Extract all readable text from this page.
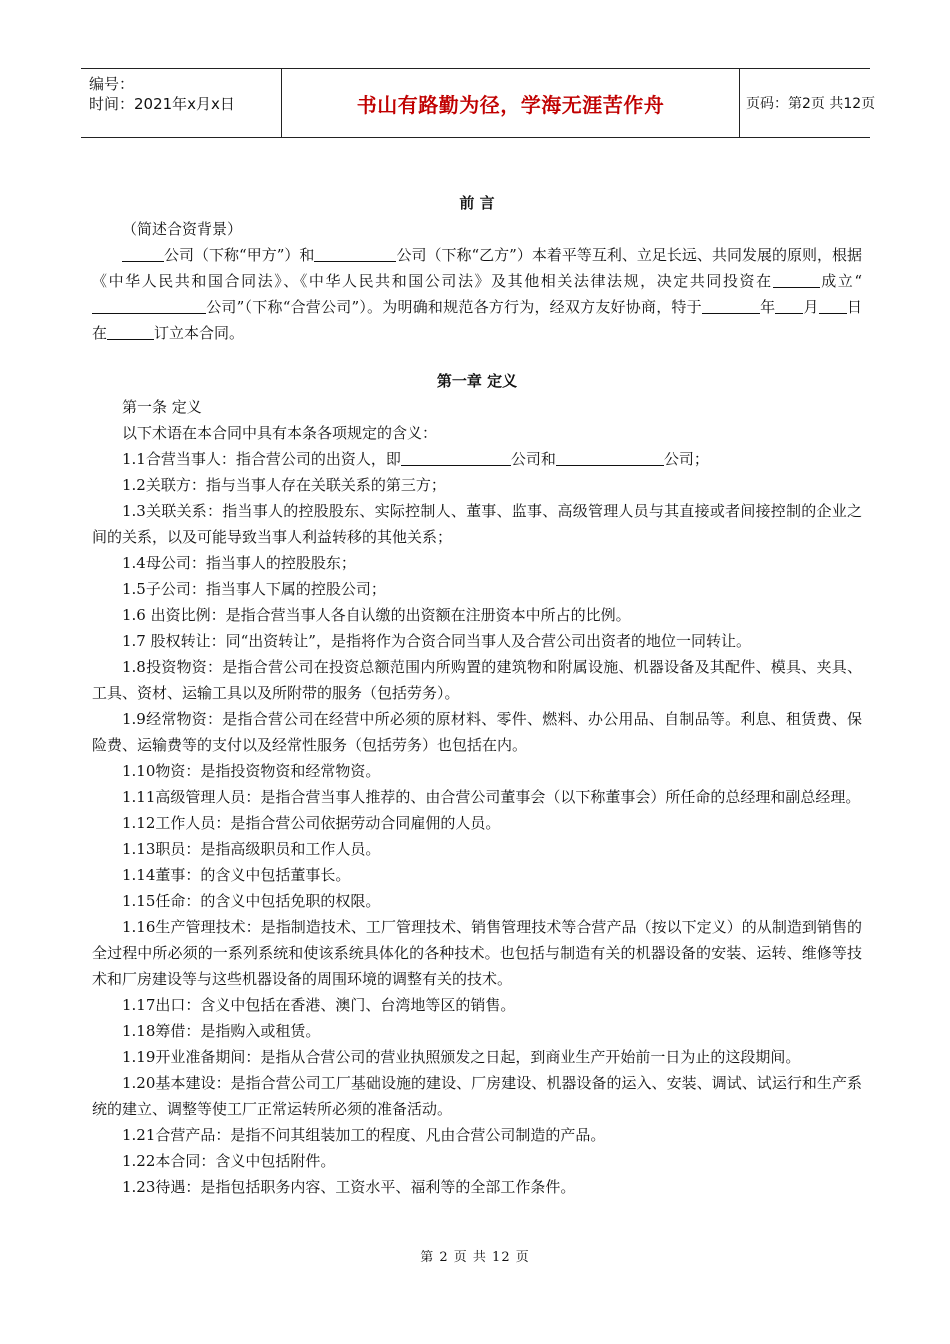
编号：
时间：2021年x月x日	书山有路勤为径，学海无涯苦作舟	页码：第2页 共12页

前 言

（简述合资背景）

公司（下称“甲方”）和	公司（下称“乙方”）本着平等互利、立足长远、共同发展的原则，根据《中华人民共和国合同法》、《中华人民共和国公司法》及其他相关法律法规，决定共同投资在	成立“公司”（下称“合营公司”）。为明确和规范各方行为，经双方友好协商，特于	年 月 日在	订立本合同。

第一章 定义

第一条 定义

以下术语在本合同中具有本条各项规定的含义：

1.1合营当事人：指合营公司的出资人，即	公司和	公司；

1.2关联方：指与当事人存在关联关系的第三方；

1.3关联关系：指当事人的控股股东、实际控制人、董事、监事、高级管理人员与其直接或者间接控制的企业之间的关系，以及可能导致当事人利益转移的其他关系；

1.4母公司：指当事人的控股股东；

1.5子公司：指当事人下属的控股公司；

1.6 出资比例：是指合营当事人各自认缴的出资额在注册资本中所占的比例。

1.7 股权转让：同“出资转让”，是指将作为合资合同当事人及合营公司出资者的地位一同转让。

1.8投资物资：是指合营公司在投资总额范围内所购置的建筑物和附属设施、机器设备及其配件、模具、夹具、工具、资材、运输工具以及所附带的服务（包括劳务）。

1.9经常物资：是指合营公司在经营中所必须的原材料、零件、燃料、办公用品、自制品等。利息、租赁费、保险费、运输费等的支付以及经常性服务（包括劳务）也包括在内。

1.10物资：是指投资物资和经常物资。

1.11高级管理人员：是指合营当事人推荐的、由合营公司董事会（以下称董事会）所任命的总经理和副总经理。

1.12工作人员：是指合营公司依据劳动合同雇佣的人员。

1.13职员：是指高级职员和工作人员。

1.14董事：的含义中包括董事长。

1.15任命：的含义中包括免职的权限。

1.16生产管理技术：是指制造技术、工厂管理技术、销售管理技术等合营产品（按以下定义）的从制造到销售的全过程中所必须的一系列系统和使该系统具体化的各种技术。也包括与制造有关的机器设备的安装、运转、维修等技术和厂房建设等与这些机器设备的周围环境的调整有关的技术。

1.17出口：含义中包括在香港、澳门、台湾地等区的销售。

1.18筹借：是指购入或租赁。

1.19开业准备期间：是指从合营公司的营业执照颁发之日起，到商业生产开始前一日为止的这段期间。

1.20基本建设：是指合营公司工厂基础设施的建设、厂房建设、机器设备的运入、安装、调试、试运行和生产系统的建立、调整等使工厂正常运转所必须的准备活动。

1.21合营产品：是指不问其组装加工的程度、凡由合营公司制造的产品。

1.22本合同：含义中包括附件。

1.23待遇：是指包括职务内容、工资水平、福利等的全部工作条件。

第 2 页 共 12 页
